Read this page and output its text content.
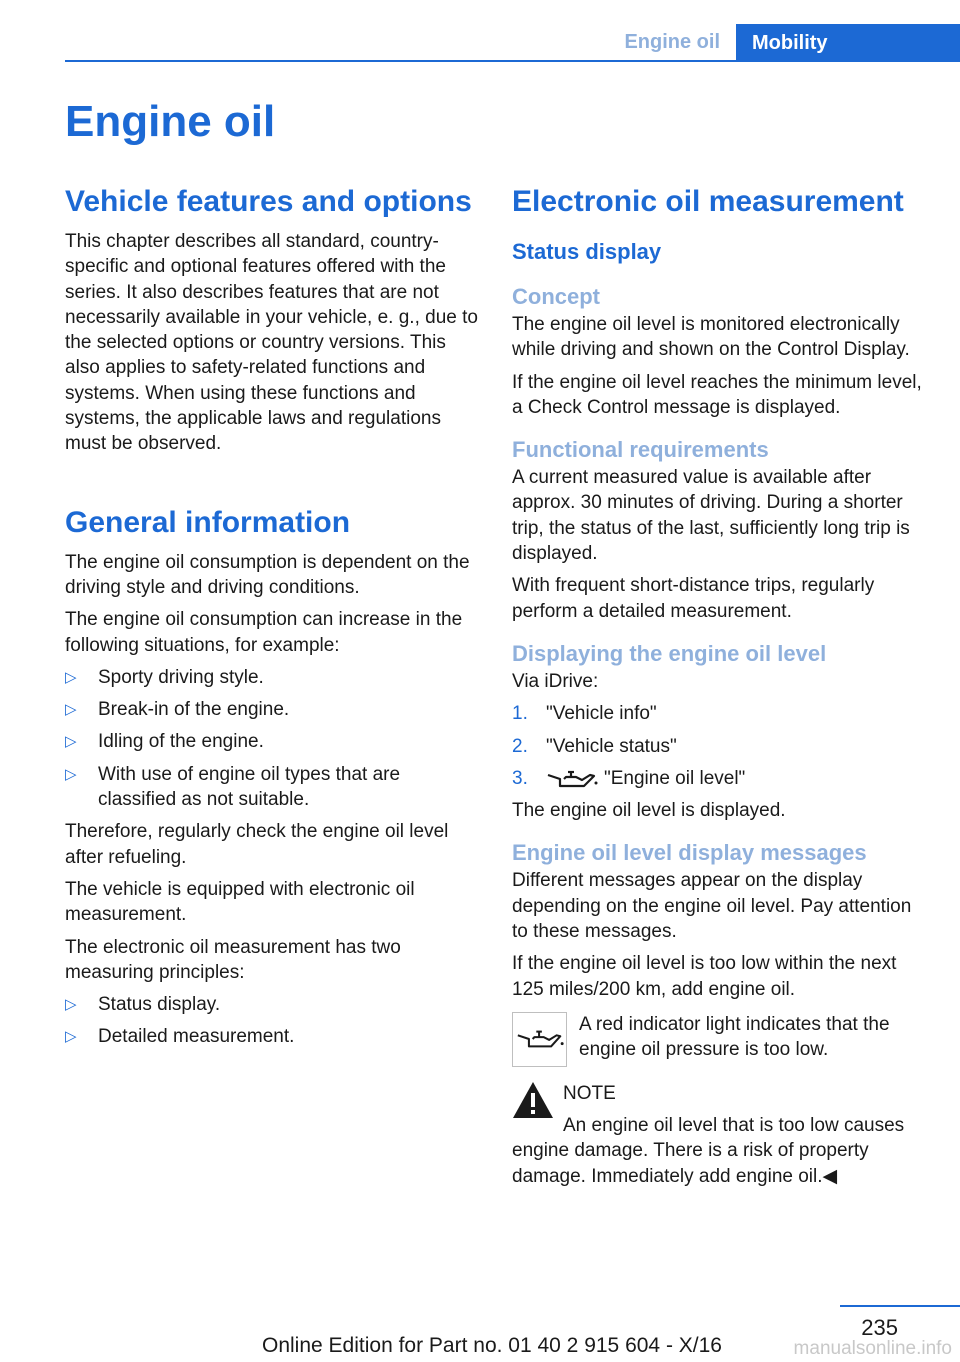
Engine oil	Mobility
Engine oil
Vehicle features and options

This chapter describes all standard, country-specific and optional features offered with the series. It also describes features that are not necessarily available in your vehicle, e. g., due to the selected options or country versions. This also applies to safety-related functions and systems. When using these functions and systems, the applicable laws and regulations must be observed.

General information

The engine oil consumption is dependent on the driving style and driving conditions.

The engine oil consumption can increase in the following situations, for example:

▷ Sporty driving style.
▷ Break-in of the engine.
▷ Idling of the engine.
▷ With use of engine oil types that are classified as not suitable.

Therefore, regularly check the engine oil level after refueling.

The vehicle is equipped with electronic oil measurement.

The electronic oil measurement has two measuring principles:

▷ Status display.
▷ Detailed measurement.
Electronic oil measurement
Status display
Concept

The engine oil level is monitored electronically while driving and shown on the Control Display.

If the engine oil level reaches the minimum level, a Check Control message is displayed.

Functional requirements

A current measured value is available after approx. 30 minutes of driving. During a shorter trip, the status of the last, sufficiently long trip is displayed.

With frequent short-distance trips, regularly perform a detailed measurement.

Displaying the engine oil level

Via iDrive:

1. "Vehicle info"
2. "Vehicle status"
3.	"Engine oil level"

The engine oil level is displayed.

Engine oil level display messages

Different messages appear on the display depending on the engine oil level. Pay attention to these messages.

If the engine oil level is too low within the next 125 miles/200 km, add engine oil.

A red indicator light indicates that the engine oil pressure is too low.

NOTE

An engine oil level that is too low causes engine damage. There is a risk of property damage. Immediately add engine oil.◀

235
Online Edition for Part no. 01 40 2 915 604 - X/16	manualsonline.info
